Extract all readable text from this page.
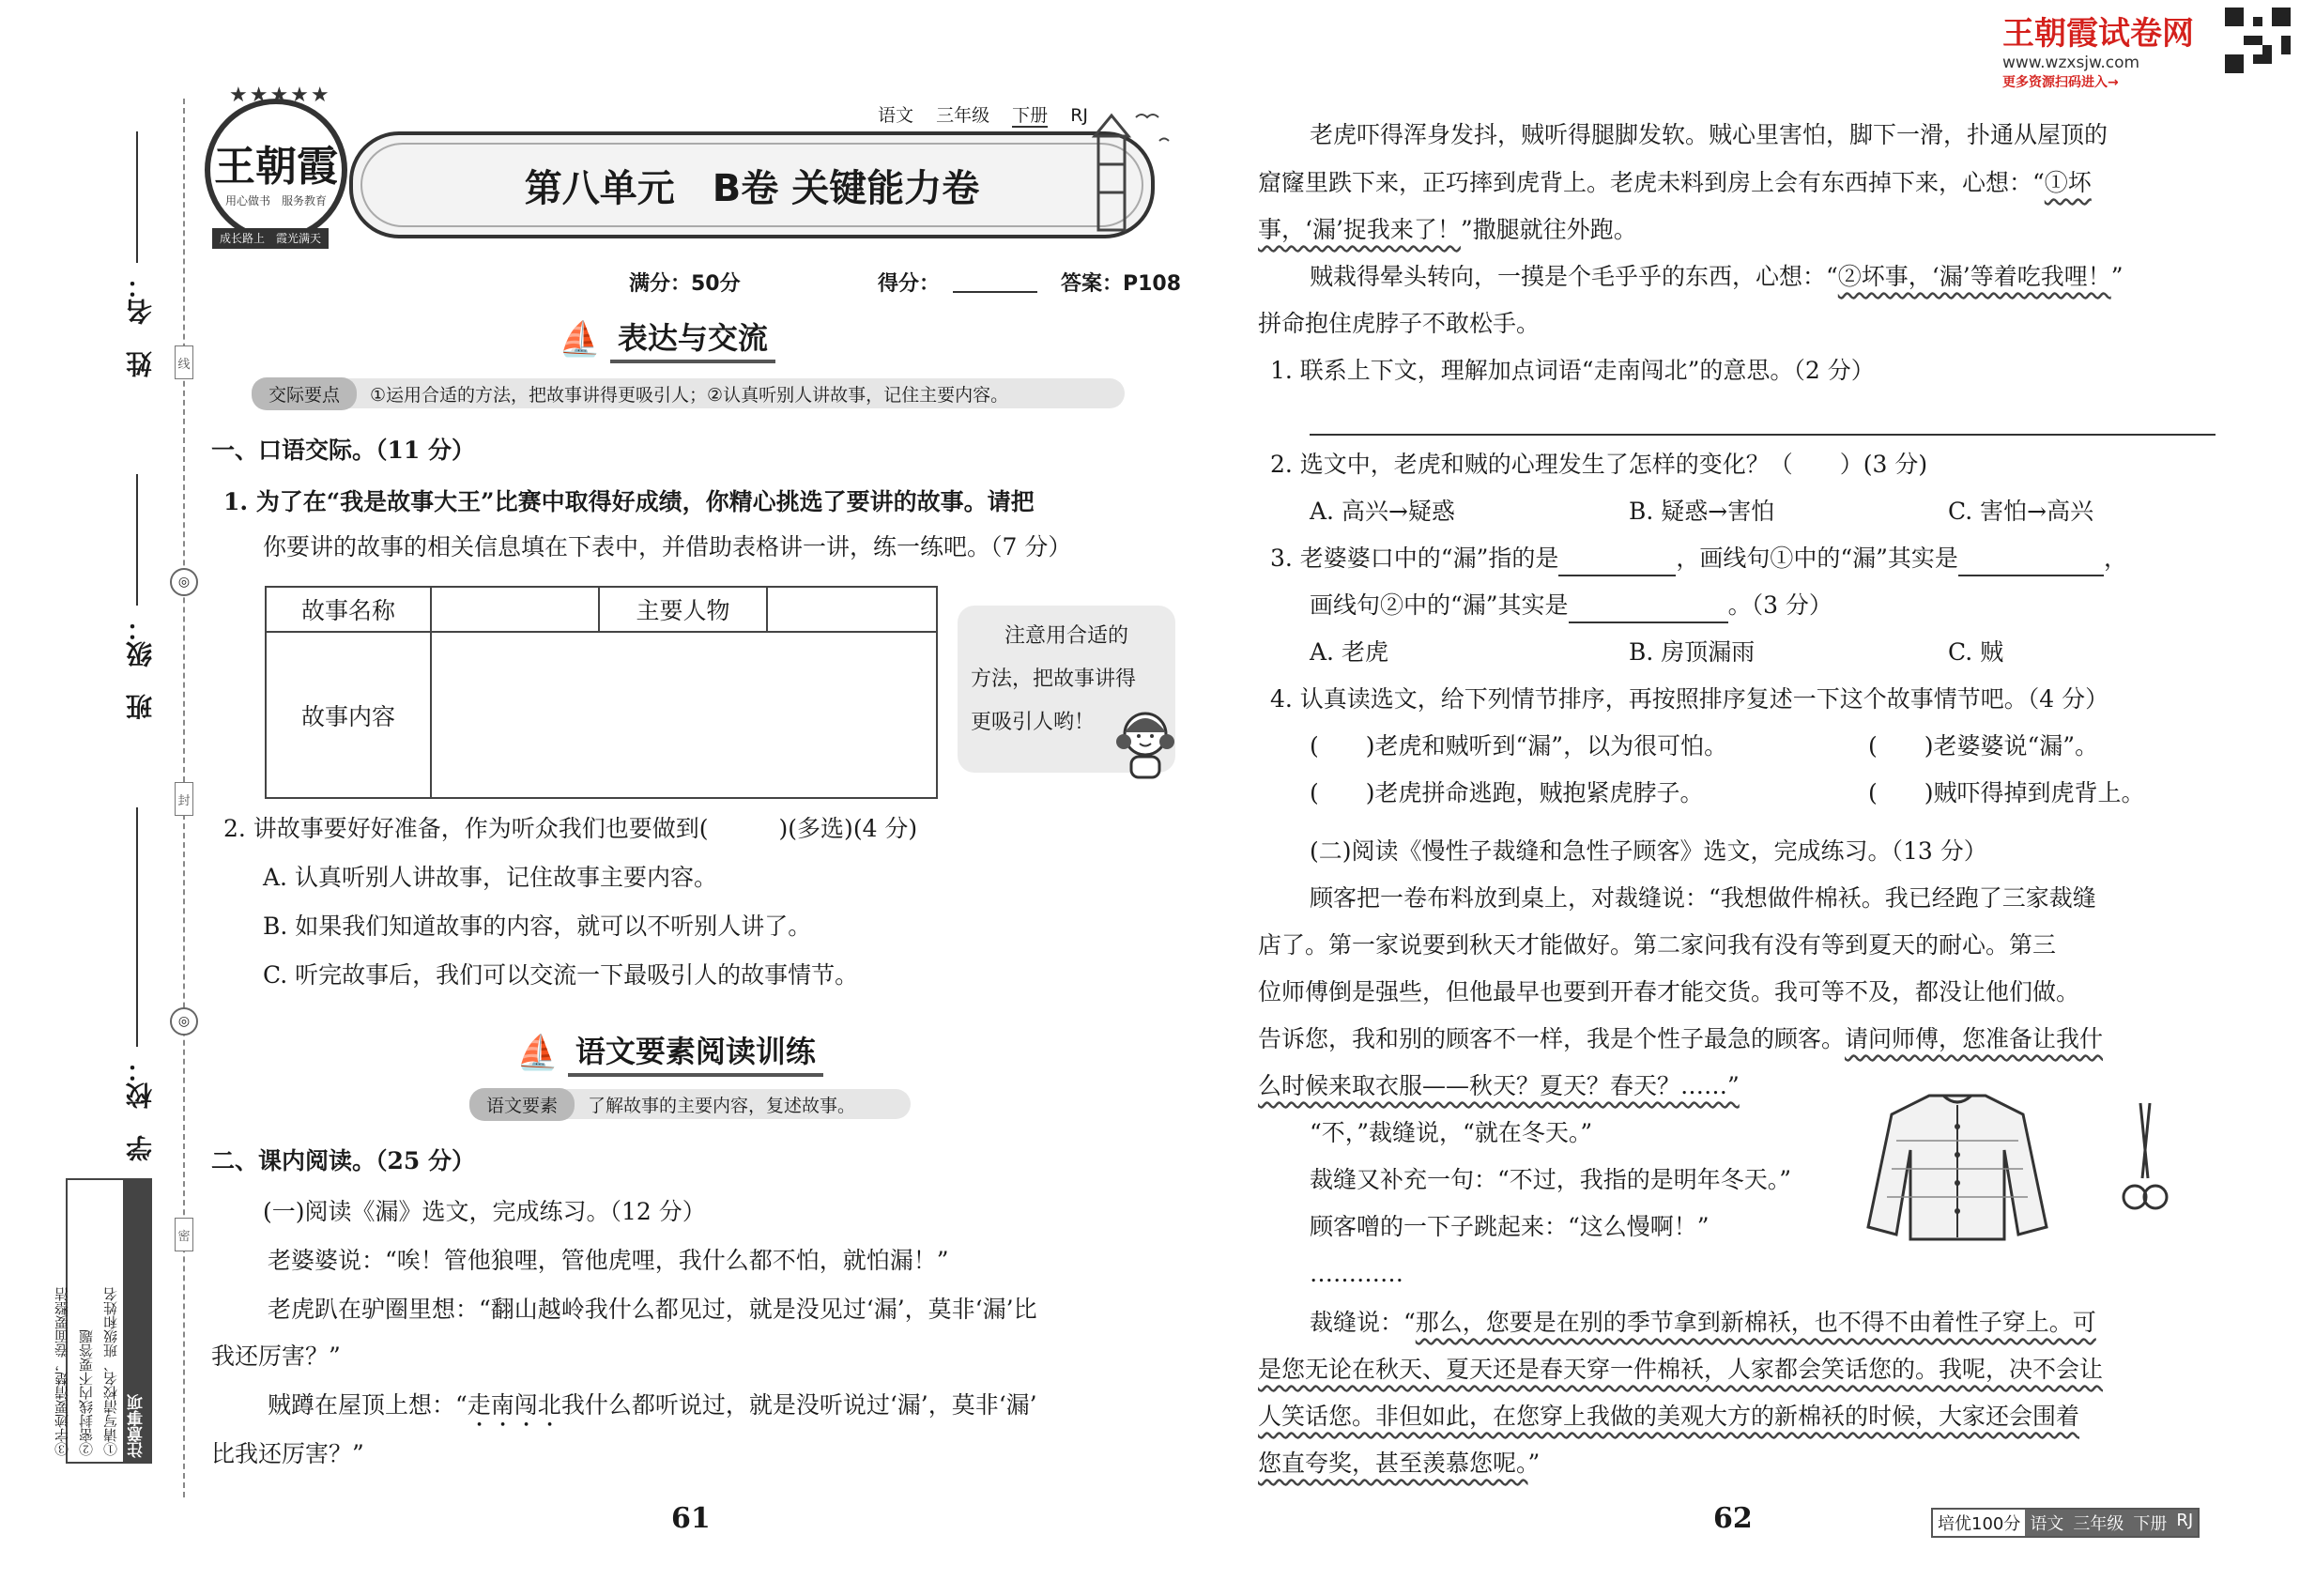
姓　名：
班　级：
学　校：
线
◎
封
◎
密
注意事项
①请写清校名、班级和姓名
②密封线内不要答题
③字迹要清楚，卷面要整洁
★★★★★
王朝霞
用心做书　服务教育
成长路上　霞光满天
语文 三年级 下册 RJ
第八单元　B卷 关键能力卷
满分：50分	得分：	答案：P108
⛵ 表达与交流
交际要点	①运用合适的方法，把故事讲得更吸引人；②认真听别人讲故事，记住主要内容。
一、口语交际。（11 分）
1. 为了在“我是故事大王”比赛中取得好成绩，你精心挑选了要讲的故事。请把
你要讲的故事的相关信息填在下表中，并借助表格讲一讲，练一练吧。（7 分）
故事名称		主要人物	
故事内容			
注意用合适的
方法，把故事讲得
更吸引人哟！
2. 讲故事要好好准备，作为听众我们也要做到(　　　)(多选)(4 分)
A. 认真听别人讲故事，记住故事主要内容。
B. 如果我们知道故事的内容，就可以不听别人讲了。
C. 听完故事后，我们可以交流一下最吸引人的故事情节。
⛵ 语文要素阅读训练
语文要素	了解故事的主要内容，复述故事。
二、课内阅读。（25 分）
(一)阅读《漏》选文，完成练习。（12 分）
老婆婆说：“唉！管他狼哩，管他虎哩，我什么都不怕，就怕漏！”
老虎趴在驴圈里想：“翻山越岭我什么都见过，就是没见过‘漏’，莫非‘漏’比
我还厉害？”
贼蹲在屋顶上想：“走南闯北我什么都听说过，就是没听说过‘漏’，莫非‘漏’
比我还厉害？”
61	62
王朝霞试卷网
www.wzxsjw.com
更多资源扫码进入→
老虎吓得浑身发抖，贼听得腿脚发软。贼心里害怕，脚下一滑，扑通从屋顶的
窟窿里跌下来，正巧摔到虎背上。老虎未料到房上会有东西掉下来，心想：“①坏
事，‘漏’捉我来了！”撒腿就往外跑。
贼栽得晕头转向，一摸是个毛乎乎的东西，心想：“②坏事，‘漏’等着吃我哩！”
拼命抱住虎脖子不敢松手。
1. 联系上下文，理解加点词语“走南闯北”的意思。（2 分）
2. 选文中，老虎和贼的心理发生了怎样的变化？（　　）(3 分)
A. 高兴→疑惑	B. 疑惑→害怕	C. 害怕→高兴
3. 老婆婆口中的“漏”指的是	，画线句①中的“漏”其实是	，
画线句②中的“漏”其实是	。（3 分）
A. 老虎	B. 房顶漏雨	C. 贼
4. 认真读选文，给下列情节排序，再按照排序复述一下这个故事情节吧。（4 分）
(　　)老虎和贼听到“漏”，以为很可怕。	(　　)老婆婆说“漏”。
(　　)老虎拼命逃跑，贼抱紧虎脖子。	(　　)贼吓得掉到虎背上。
(二)阅读《慢性子裁缝和急性子顾客》选文，完成练习。（13 分）
顾客把一卷布料放到桌上，对裁缝说：“我想做件棉袄。我已经跑了三家裁缝
店了。第一家说要到秋天才能做好。第二家问我有没有等到夏天的耐心。第三
位师傅倒是强些，但他最早也要到开春才能交货。我可等不及，都没让他们做。
告诉您，我和别的顾客不一样，我是个性子最急的顾客。请问师傅，您准备让我什
么时候来取衣服——秋天？夏天？春天？……”
“不，”裁缝说，“就在冬天。”
裁缝又补充一句：“不过，我指的是明年冬天。”
顾客噌的一下子跳起来：“这么慢啊！”
…………
裁缝说：“那么，您要是在别的季节拿到新棉袄，也不得不由着性子穿上。可
是您无论在秋天、夏天还是春天穿一件棉袄，人家都会笑话您的。我呢，决不会让
人笑话您。非但如此，在您穿上我做的美观大方的新棉袄的时候，大家还会围着
您直夸奖，甚至羡慕您呢。”
培优100分 语文 三年级 下册 RJ
